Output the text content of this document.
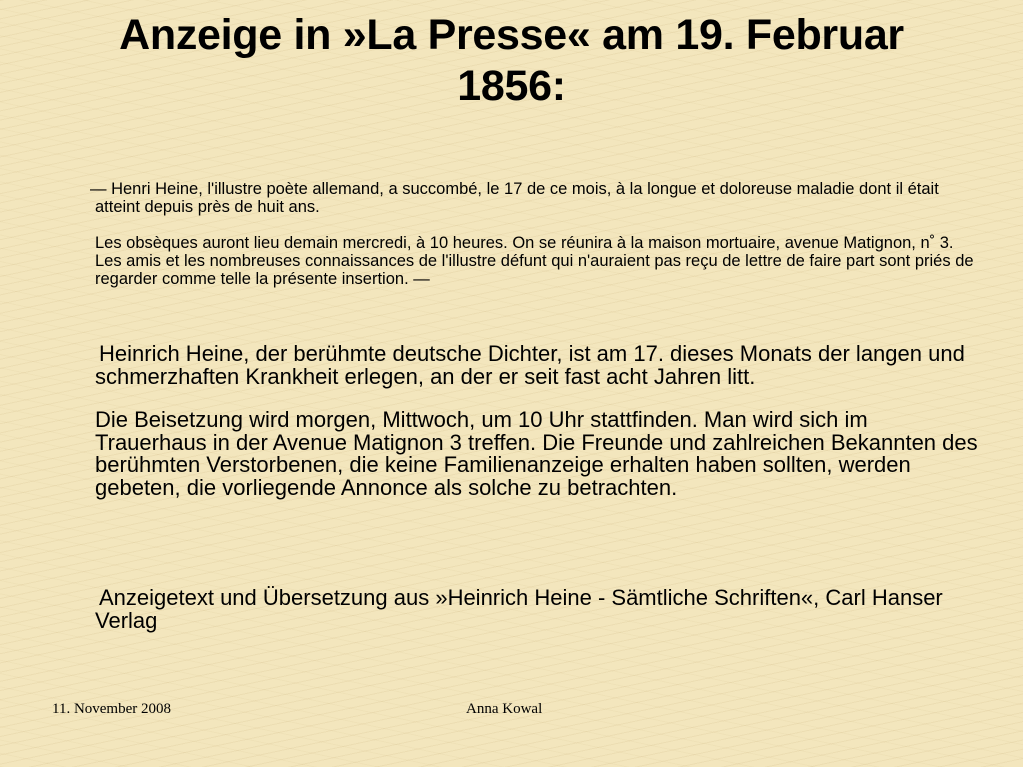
Anzeige in »La Presse« am 19. Februar 1856:

— Henri Heine, l'illustre poète allemand, a succombé, le 17 de ce mois, à la longue et doloreuse maladie dont il était atteint depuis près de huit ans.

Les obsèques auront lieu demain mercredi, à 10 heures. On se réunira à la maison mortuaire, avenue Matignon, n˚ 3. Les amis et les nombreuses connaissances de l'illustre défunt qui n'auraient pas reçu de lettre de faire part sont priés de regarder comme telle la présente insertion. —

Heinrich Heine, der berühmte deutsche Dichter, ist am 17. dieses Monats der langen und schmerzhaften Krankheit erlegen, an der er seit fast acht Jahren litt.

Die Beisetzung wird morgen, Mittwoch, um 10 Uhr stattfinden. Man wird sich im Trauerhaus in der Avenue Matignon 3 treffen. Die Freunde und zahlreichen Bekannten des berühmten Verstorbenen, die keine Familienanzeige erhalten haben sollten, werden gebeten, die vorliegende Annonce als solche zu betrachten.

Anzeigetext und Übersetzung aus »Heinrich Heine - Sämtliche Schriften«, Carl Hanser Verlag

11. November 2008	Anna Kowal
